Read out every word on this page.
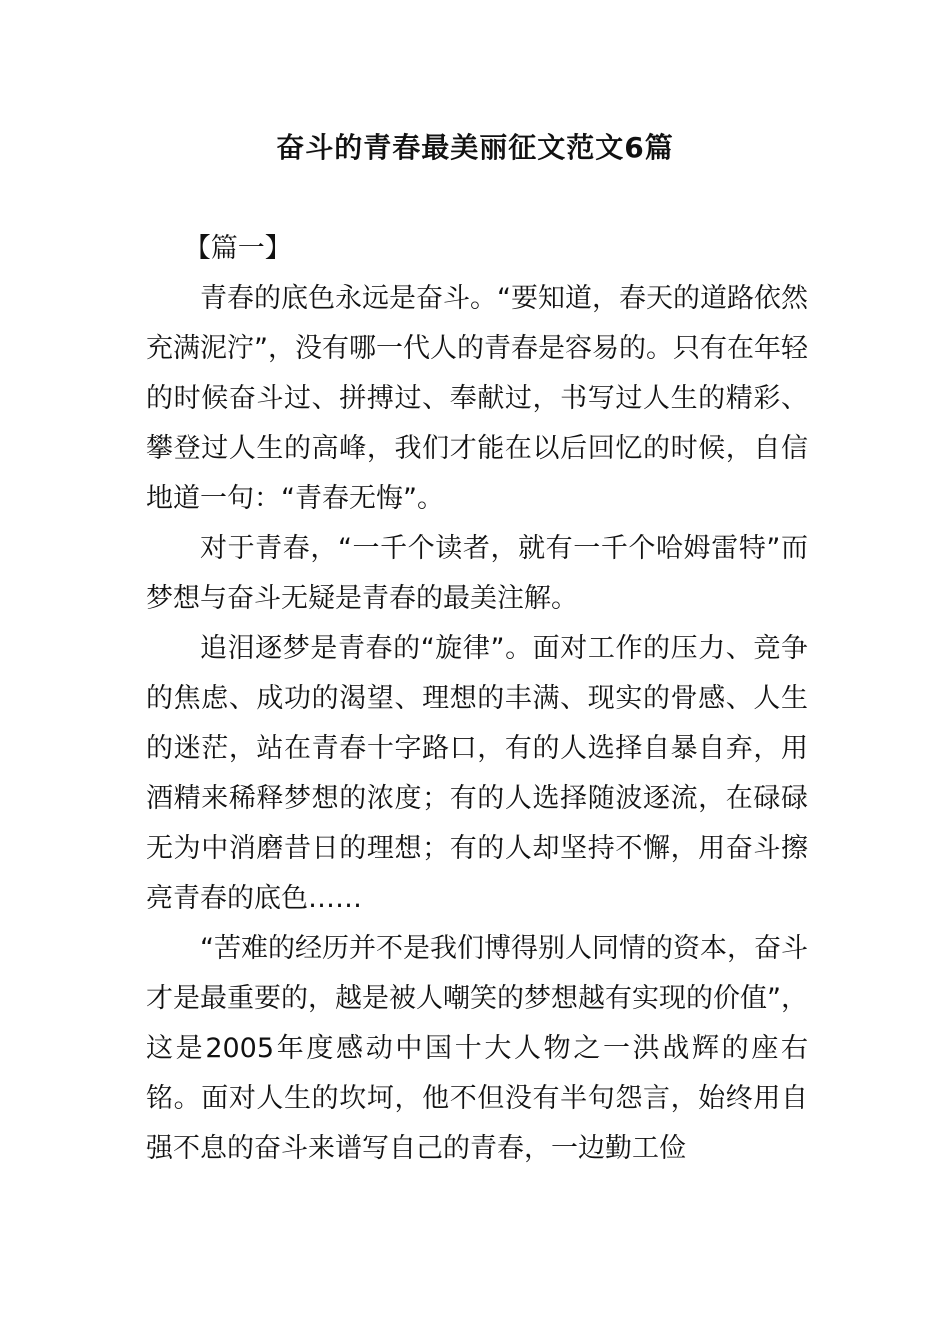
奋斗的青春最美丽征文范文6篇

【篇一】

青春的底色永远是奋斗。“要知道，春天的道路依然充满泥泞”，没有哪一代人的青春是容易的。只有在年轻的时候奋斗过、拼搏过、奉献过，书写过人生的精彩、攀登过人生的高峰，我们才能在以后回忆的时候，自信地道一句：“青春无悔”。

对于青春，“一千个读者，就有一千个哈姆雷特”而梦想与奋斗无疑是青春的最美注解。

追泪逐梦是青春的“旋律”。面对工作的压力、竞争的焦虑、成功的渴望、理想的丰满、现实的骨感、人生的迷茫，站在青春十字路口，有的人选择自暴自弃，用酒精来稀释梦想的浓度；有的人选择随波逐流，在碌碌无为中消磨昔日的理想；有的人却坚持不懈，用奋斗擦亮青春的底色……

“苦难的经历并不是我们博得别人同情的资本，奋斗才是最重要的，越是被人嘲笑的梦想越有实现的价值”，这是2005年度感动中国十大人物之一洪战辉的座右铭。面对人生的坎坷，他不但没有半句怨言，始终用自强不息的奋斗来谱写自己的青春，一边勤工俭
